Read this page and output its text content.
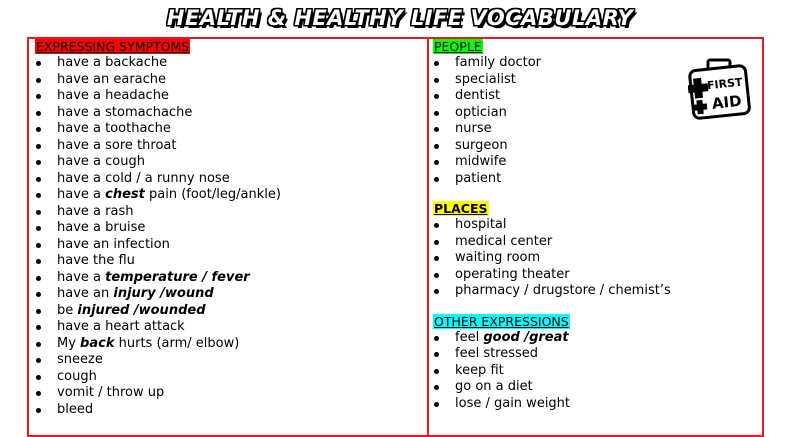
HEALTH & HEALTHY LIFE VOCABULARY
EXPRESSING SYMPTOMS
have a backache
have an earache
have a headache
have a stomachache
have a toothache
have a sore throat
have a cough
have a cold / a runny nose
have a chest pain (foot/leg/ankle)
have a rash
have a bruise
have an infection
have the flu
have a temperature / fever
have an injury /wound
be injured /wounded
have a heart attack
My back hurts (arm/ elbow)
sneeze
cough
vomit / throw up
bleed
PEOPLE
family doctor
specialist
dentist
optician
nurse
surgeon
midwife
patient
PLACES
hospital
medical center
waiting room
operating theater
pharmacy / drugstore / chemist’s
OTHER EXPRESSIONS
feel good /great
feel stressed
keep fit
go on a diet
lose / gain weight
FIRST
AID
